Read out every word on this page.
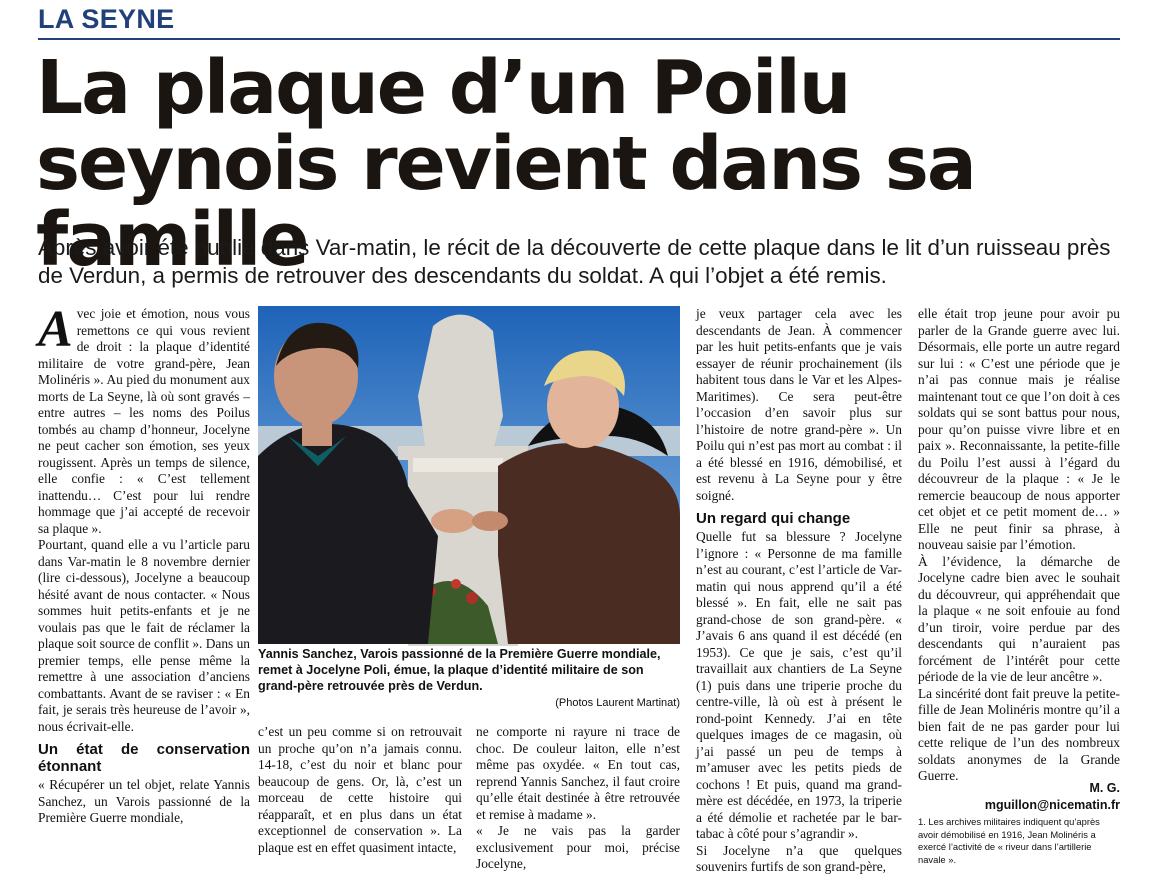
LA SEYNE
La plaque d’un Poilu seynois revient dans sa famille
Après avoir été publié dans Var-matin, le récit de la découverte de cette plaque dans le lit d’un ruisseau près de Verdun, a permis de retrouver des descendants du soldat. A qui l’objet a été remis.
A vec joie et émotion, nous vous remettons ce qui vous revient de droit : la plaque d’identité militaire de votre grand-père, Jean Molinéris ». Au pied du monument aux morts de La Seyne, là où sont gravés – entre autres – les noms des Poilus tombés au champ d’honneur, Jocelyne ne peut cacher son émotion, ses yeux rougissent. Après un temps de silence, elle confie : « C’est tellement inattendu… C’est pour lui rendre hommage que j’ai accepté de recevoir sa plaque ».

Pourtant, quand elle a vu l’article paru dans Var-matin le 8 novembre dernier (lire ci-dessous), Jocelyne a beaucoup hésité avant de nous contacter. « Nous sommes huit petits-enfants et je ne voulais pas que le fait de réclamer la plaque soit source de conflit ». Dans un premier temps, elle pense même la remettre à une association d’anciens combattants. Avant de se raviser : « En fait, je serais très heureuse de l’avoir », nous écrivait-elle.

Un état de conservation étonnant

« Récupérer un tel objet, relate Yannis Sanchez, un Varois passionné de la Première Guerre mondiale,

Yannis Sanchez, Varois passionné de la Première Guerre mondiale, remet à Jocelyne Poli, émue, la plaque d’identité militaire de son grand-père retrouvée près de Verdun.
(Photos Laurent Martinat)

c’est un peu comme si on retrouvait un proche qu’on n’a jamais connu. 14-18, c’est du noir et blanc pour beaucoup de gens. Or, là, c’est un morceau de cette histoire qui réapparaît, et en plus dans un état exceptionnel de conservation ». La plaque est en effet quasiment intacte,

ne comporte ni rayure ni trace de choc. De couleur laiton, elle n’est même pas oxydée. « En tout cas, reprend Yannis Sanchez, il faut croire qu’elle était destinée à être retrouvée et remise à madame ».

« Je ne vais pas la garder exclusivement pour moi, précise Jocelyne,

je veux partager cela avec les descendants de Jean. À commencer par les huit petits-enfants que je vais essayer de réunir prochainement (ils habitent tous dans le Var et les Alpes-Maritimes). Ce sera peut-être l’occasion d’en savoir plus sur l’histoire de notre grand-père ». Un Poilu qui n’est pas mort au combat : il a été blessé en 1916, démobilisé, et est revenu à La Seyne pour y être soigné.

Un regard qui change

Quelle fut sa blessure ? Jocelyne l’ignore : « Personne de ma famille n’est au courant, c’est l’article de Var-matin qui nous apprend qu’il a été blessé ». En fait, elle ne sait pas grand-chose de son grand-père. « J’avais 6 ans quand il est décédé (en 1953). Ce que je sais, c’est qu’il travaillait aux chantiers de La Seyne (1) puis dans une triperie proche du centre-ville, là où est à présent le rond-point Kennedy. J’ai en tête quelques images de ce magasin, où j’ai passé un peu de temps à m’amuser avec les petits pieds de cochons ! Et puis, quand ma grand-mère est décédée, en 1973, la triperie a été démolie et rachetée par le bar-tabac à côté pour s’agrandir ».

Si Jocelyne n’a que quelques souvenirs furtifs de son grand-père,

elle était trop jeune pour avoir pu parler de la Grande guerre avec lui. Désormais, elle porte un autre regard sur lui : « C’est une période que je n’ai pas connue mais je réalise maintenant tout ce que l’on doit à ces soldats qui se sont battus pour nous, pour qu’on puisse vivre libre et en paix ». Reconnaissante, la petite-fille du Poilu l’est aussi à l’égard du découvreur de la plaque : « Je le remercie beaucoup de nous apporter cet objet et ce petit moment de… » Elle ne peut finir sa phrase, à nouveau saisie par l’émotion.

À l’évidence, la démarche de Jocelyne cadre bien avec le souhait du découvreur, qui appréhendait que la plaque « ne soit enfouie au fond d’un tiroir, voire perdue par des descendants qui n’auraient pas forcément de l’intérêt pour cette période de la vie de leur ancêtre ».

La sincérité dont fait preuve la petite-fille de Jean Molinéris montre qu’il a bien fait de ne pas garder pour lui cette relique de l’un des nombreux soldats anonymes de la Grande Guerre.

M. G.
mguillon@nicematin.fr
1. Les archives militaires indiquent qu’après avoir démobilisé en 1916, Jean Molinéris a exercé l’activité de « riveur dans l’artillerie navale ».
